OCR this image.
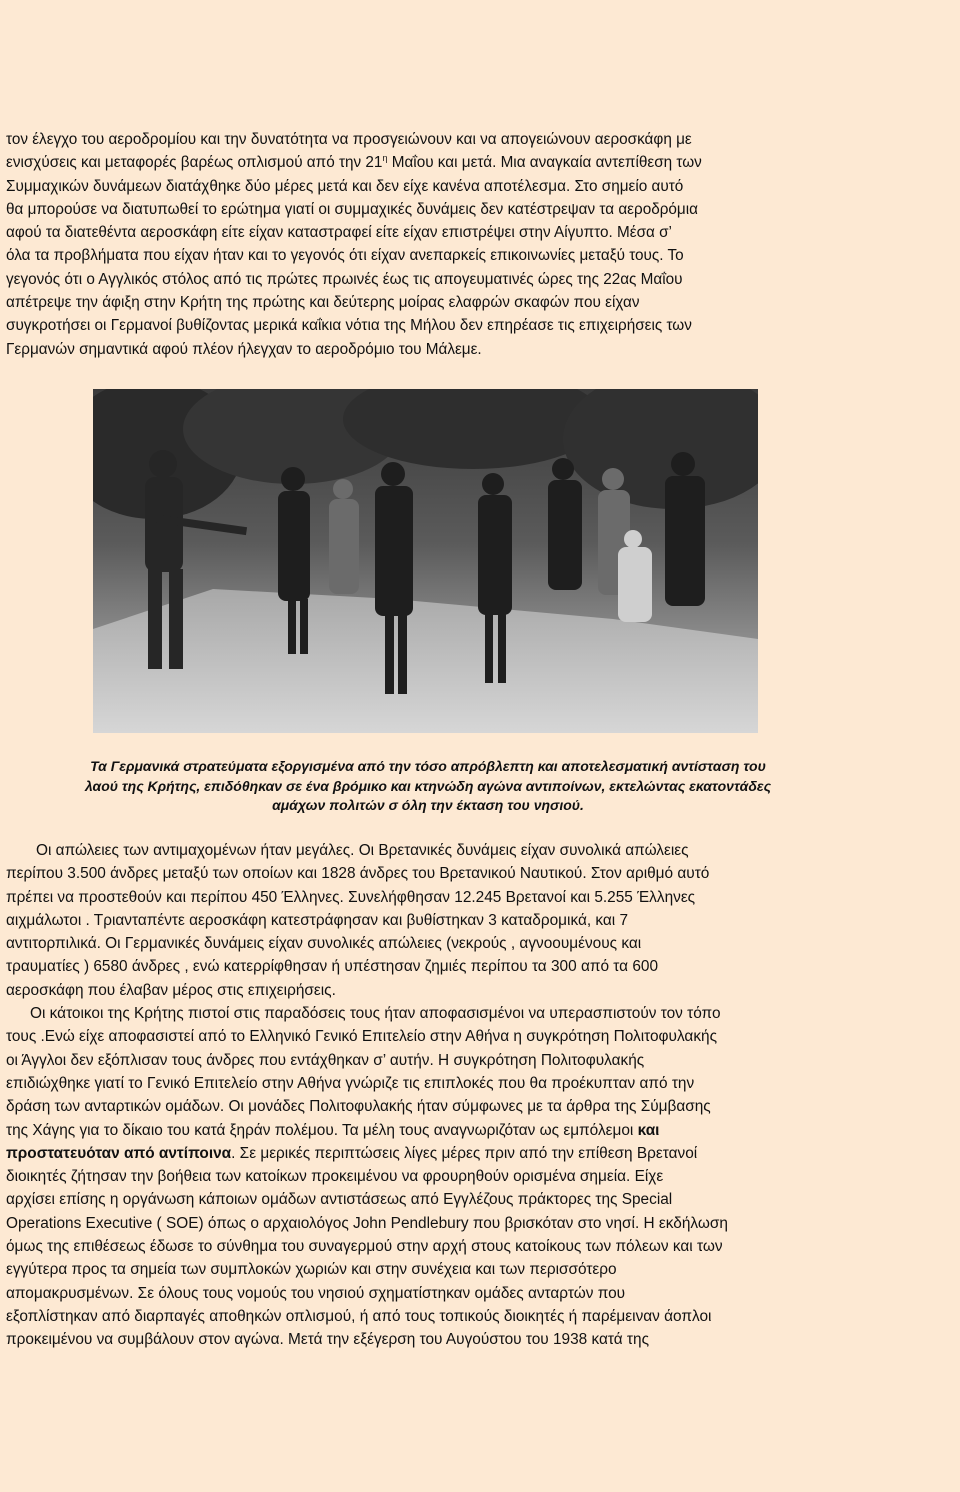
τον έλεγχο του αεροδρομίου και την δυνατότητα να προσγειώνουν και να απογειώνουν αεροσκάφη με
ενισχύσεις και μεταφορές βαρέως οπλισμού από την $21^\eta$ Μαΐου και μετά. Μια αναγκαία αντεπίθεση των
Συμμαχικών δυνάμεων διατάχθηκε δύο μέρες μετά και δεν είχε κανένα αποτέλεσμα. Στο σημείο αυτό
θα μπορούσε να διατυπωθεί το ερώτημα γιατί οι συμμαχικές δυνάμεις δεν κατέστρεψαν τα αεροδρόμια
αφού τα διατεθέντα αεροσκάφη είτε είχαν καταστραφεί είτε είχαν επιστρέψει στην Αίγυπτο. Μέσα σ’
όλα τα προβλήματα που είχαν ήταν και το γεγονός ότι είχαν ανεπαρκείς επικοινωνίες μεταξύ τους. Το
γεγονός ότι ο Αγγλικός στόλος από τις πρώτες πρωινές έως τις απογευματινές ώρες της 22ας Μαΐου
απέτρεψε την άφιξη στην Κρήτη της πρώτης και δεύτερης μοίρας ελαφρών σκαφών που είχαν
συγκροτήσει οι Γερμανοί βυθίζοντας μερικά καΐκια νότια της Μήλου δεν επηρέασε τις επιχειρήσεις των
Γερμανών σημαντικά αφού πλέον ήλεγχαν το αεροδρόμιο του Μάλεμε.

Τα Γερμανικά στρατεύματα εξοργισμένα από την τόσο απρόβλεπτη και αποτελεσματική αντίσταση του
λαού της Κρήτης, επιδόθηκαν σε ένα βρόμικο και κτηνώδη αγώνα αντιποίνων, εκτελώντας εκατοντάδες
αμάχων πολιτών σ όλη την έκταση του νησιού.

Οι απώλειες των αντιμαχομένων ήταν μεγάλες. Οι Βρετανικές δυνάμεις είχαν συνολικά απώλειες
περίπου 3.500 άνδρες μεταξύ των οποίων και 1828 άνδρες του Βρετανικού Ναυτικού. Στον αριθμό αυτό
πρέπει να προστεθούν και περίπου 450 Έλληνες. Συνελήφθησαν 12.245 Βρετανοί και 5.255 Έλληνες
αιχμάλωτοι . Τριανταπέντε αεροσκάφη κατεστράφησαν και βυθίστηκαν 3 καταδρομικά, και 7
αντιτορπιλικά. Οι Γερμανικές δυνάμεις είχαν συνολικές απώλειες (νεκρούς , αγνοουμένους και
τραυματίες ) 6580 άνδρες , ενώ κατερρίφθησαν ή υπέστησαν ζημιές περίπου τα 300 από τα 600
αεροσκάφη που έλαβαν μέρος στις επιχειρήσεις.
Οι κάτοικοι της Κρήτης πιστοί στις παραδόσεις τους ήταν αποφασισμένοι να υπερασπιστούν τον τόπο
τους .Ενώ είχε αποφασιστεί από το Ελληνικό Γενικό Επιτελείο στην Αθήνα η συγκρότηση Πολιτοφυλακής
οι Άγγλοι δεν εξόπλισαν τους άνδρες που εντάχθηκαν σ’ αυτήν. Η συγκρότηση Πολιτοφυλακής
επιδιώχθηκε γιατί το Γενικό Επιτελείο στην Αθήνα γνώριζε τις επιπλοκές που θα προέκυπταν από την
δράση των ανταρτικών ομάδων. Οι μονάδες Πολιτοφυλακής ήταν σύμφωνες με τα άρθρα της Σύμβασης
της Χάγης για το δίκαιο του κατά ξηράν πολέμου. Τα μέλη τους αναγνωριζόταν ως εμπόλεμοι και
προστατευόταν από αντίποινα. Σε μερικές περιπτώσεις λίγες μέρες πριν από την επίθεση Βρετανοί
διοικητές ζήτησαν την βοήθεια των κατοίκων προκειμένου να φρουρηθούν ορισμένα σημεία. Είχε
αρχίσει επίσης η οργάνωση κάποιων ομάδων αντιστάσεως από Εγγλέζους πράκτορες της Special
Operations Executive ( SOE) όπως ο αρχαιολόγος John Pendlebury που βρισκόταν στο νησί. Η εκδήλωση
όμως της επιθέσεως έδωσε το σύνθημα του συναγερμού στην αρχή στους κατοίκους των πόλεων και των
εγγύτερα προς τα σημεία των συμπλοκών χωριών και στην συνέχεια και των περισσότερο
απομακρυσμένων. Σε όλους τους νομούς του νησιού σχηματίστηκαν ομάδες ανταρτών που
εξοπλίστηκαν από διαρπαγές αποθηκών οπλισμού, ή από τους τοπικούς διοικητές ή παρέμειναν άοπλοι
προκειμένου να συμβάλουν στον αγώνα. Μετά την εξέγερση του Αυγούστου του 1938 κατά της
